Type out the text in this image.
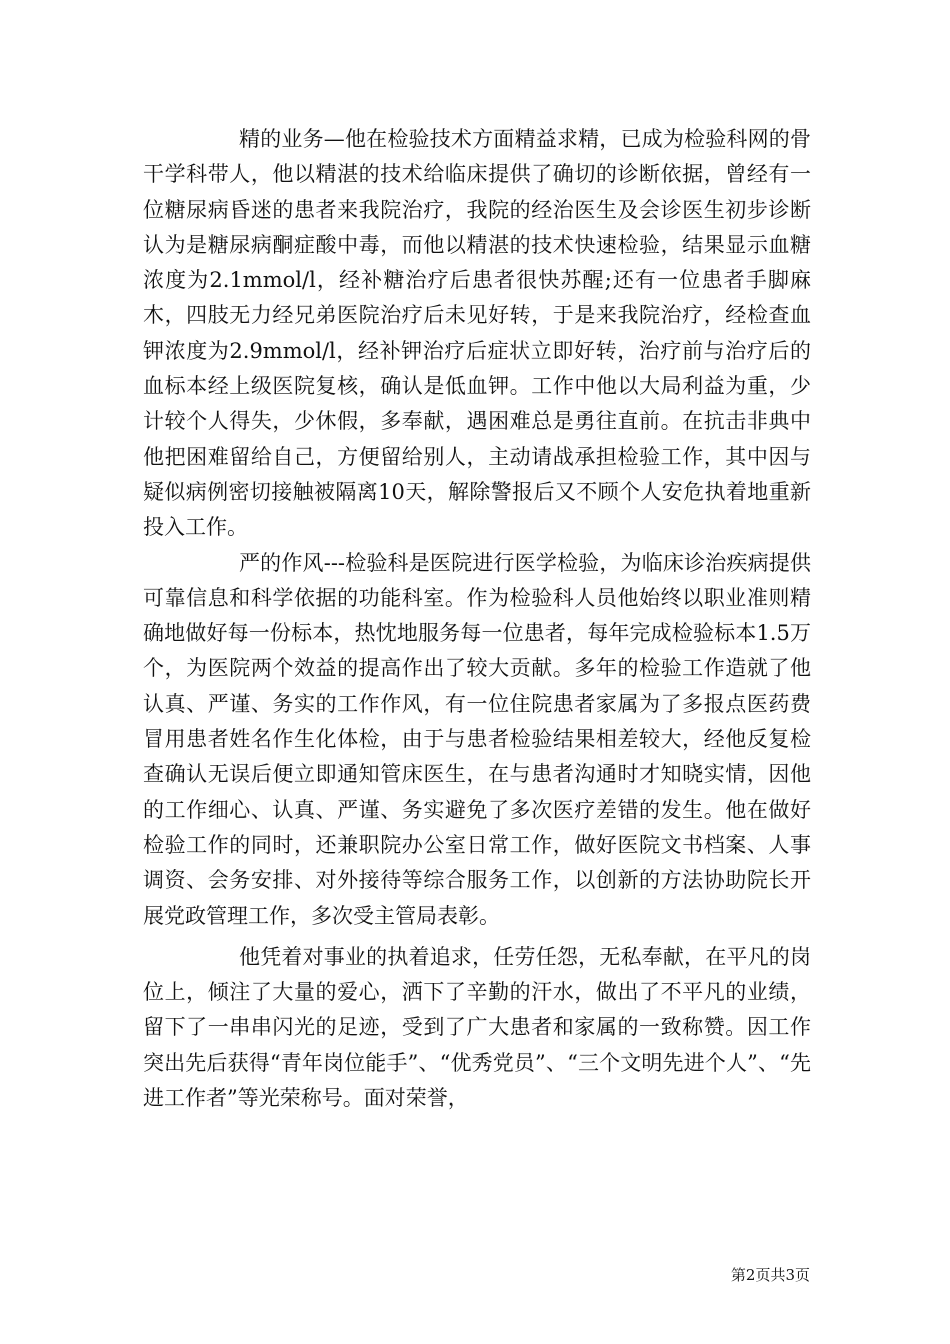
精的业务—他在检验技术方面精益求精，已成为检验科网的骨干学科带人，他以精湛的技术给临床提供了确切的诊断依据，曾经有一位糖尿病昏迷的患者来我院治疗，我院的经治医生及会诊医生初步诊断认为是糖尿病酮症酸中毒，而他以精湛的技术快速检验，结果显示血糖浓度为2.1mmol/l，经补糖治疗后患者很快苏醒;还有一位患者手脚麻木，四肢无力经兄弟医院治疗后未见好转，于是来我院治疗，经检查血钾浓度为2.9mmol/l，经补钾治疗后症状立即好转，治疗前与治疗后的血标本经上级医院复核，确认是低血钾。工作中他以大局利益为重，少计较个人得失，少休假，多奉献，遇困难总是勇往直前。在抗击非典中他把困难留给自己，方便留给别人，主动请战承担检验工作，其中因与疑似病例密切接触被隔离10天，解除警报后又不顾个人安危执着地重新投入工作。

严的作风---检验科是医院进行医学检验，为临床诊治疾病提供可靠信息和科学依据的功能科室。作为检验科人员他始终以职业准则精确地做好每一份标本，热忱地服务每一位患者，每年完成检验标本1.5万个，为医院两个效益的提高作出了较大贡献。多年的检验工作造就了他认真、严谨、务实的工作作风，有一位住院患者家属为了多报点医药费冒用患者姓名作生化体检，由于与患者检验结果相差较大，经他反复检查确认无误后便立即通知管床医生，在与患者沟通时才知晓实情，因他的工作细心、认真、严谨、务实避免了多次医疗差错的发生。他在做好检验工作的同时，还兼职院办公室日常工作，做好医院文书档案、人事调资、会务安排、对外接待等综合服务工作，以创新的方法协助院长开展党政管理工作，多次受主管局表彰。

他凭着对事业的执着追求，任劳任怨，无私奉献，在平凡的岗位上，倾注了大量的爱心，洒下了辛勤的汗水，做出了不平凡的业绩，留下了一串串闪光的足迹，受到了广大患者和家属的一致称赞。因工作突出先后获得“青年岗位能手”、“优秀党员”、“三个文明先进个人”、“先进工作者”等光荣称号。面对荣誉，

第2页共3页
